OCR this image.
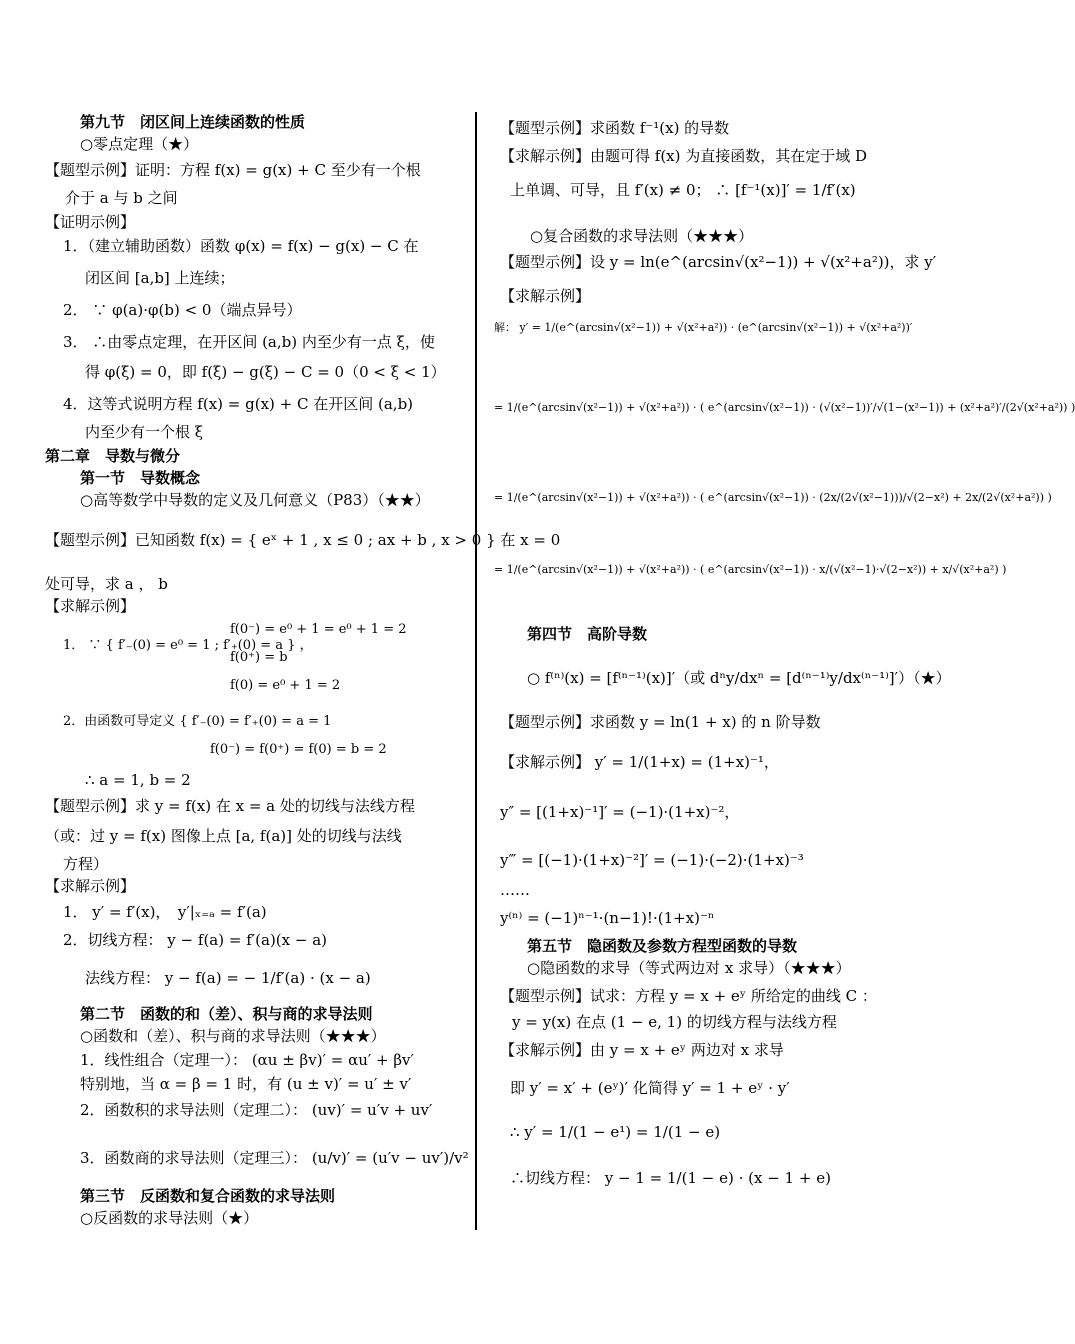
第九节　闭区间上连续函数的性质
○零点定理（★）
【题型示例】证明：方程 f(x) = g(x) + C 至少有一个根
介于 a 与 b 之间
【证明示例】
1．（建立辅助函数）函数 φ(x) = f(x) − g(x) − C 在
闭区间 [a,b] 上连续；
2． ∵ φ(a)·φ(b) < 0（端点异号）
3． ∴由零点定理，在开区间 (a,b) 内至少有一点 ξ，使
得 φ(ξ) = 0，即 f(ξ) − g(ξ) − C = 0（0 < ξ < 1）
4．这等式说明方程 f(x) = g(x) + C 在开区间 (a,b)
内至少有一个根 ξ
第二章　导数与微分
第一节　导数概念
○高等数学中导数的定义及几何意义（P83）（★★）
【题型示例】已知函数 f(x) = { eˣ + 1 , x ≤ 0 ; ax + b , x > 0 } 在 x = 0
处可导，求 a ， b
【求解示例】
1． ∵ { f′₋(0) = e⁰ = 1 ; f′₊(0) = a } ，
f(0⁻) = e⁰ + 1 = e⁰ + 1 = 2
f(0⁺) = b
f(0) = e⁰ + 1 = 2
2．由函数可导定义 { f′₋(0) = f′₊(0) = a = 1
f(0⁻) = f(0⁺) = f(0) = b = 2
∴ a = 1, b = 2
【题型示例】求 y = f(x) 在 x = a 处的切线与法线方程
（或：过 y = f(x) 图像上点 [a, f(a)] 处的切线与法线
方程）
【求解示例】
1． y′ = f′(x)，　y′|ₓ₌ₐ = f′(a)
2．切线方程： y − f(a) = f′(a)(x − a)
法线方程： y − f(a) = − 1/f′(a) · (x − a)
第二节　函数的和（差）、积与商的求导法则
○函数和（差）、积与商的求导法则（★★★）
1．线性组合（定理一）： (αu ± βv)′ = αu′ + βv′
特别地，当 α = β = 1 时，有 (u ± v)′ = u′ ± v′
2．函数积的求导法则（定理二）： (uv)′ = u′v + uv′
3．函数商的求导法则（定理三）： (u/v)′ = (u′v − uv′)/v²
第三节　反函数和复合函数的求导法则
○反函数的求导法则（★）
【题型示例】求函数 f⁻¹(x) 的导数
【求解示例】由题可得 f(x) 为直接函数，其在定于域 D
上单调、可导，且 f′(x) ≠ 0； ∴ [f⁻¹(x)]′ = 1/f′(x)
○复合函数的求导法则（★★★）
【题型示例】设 y = ln(e^(arcsin√(x²−1)) + √(x²+a²))，求 y′
【求解示例】
解： y′ = 1/(e^(arcsin√(x²−1)) + √(x²+a²)) · (e^(arcsin√(x²−1)) + √(x²+a²))′
= 1/(e^(arcsin√(x²−1)) + √(x²+a²)) · ( e^(arcsin√(x²−1)) · (√(x²−1))′/√(1−(x²−1)) + (x²+a²)′/(2√(x²+a²)) )
= 1/(e^(arcsin√(x²−1)) + √(x²+a²)) · ( e^(arcsin√(x²−1)) · (2x/(2√(x²−1)))/√(2−x²) + 2x/(2√(x²+a²)) )
= 1/(e^(arcsin√(x²−1)) + √(x²+a²)) · ( e^(arcsin√(x²−1)) · x/(√(x²−1)·√(2−x²)) + x/√(x²+a²) )
第四节　高阶导数
○ f⁽ⁿ⁾(x) = [f⁽ⁿ⁻¹⁾(x)]′（或 dⁿy/dxⁿ = [d⁽ⁿ⁻¹⁾y/dx⁽ⁿ⁻¹⁾]′）（★）
【题型示例】求函数 y = ln(1 + x) 的 n 阶导数
【求解示例】 y′ = 1/(1+x) = (1+x)⁻¹，
y″ = [(1+x)⁻¹]′ = (−1)·(1+x)⁻²，
y‴ = [(−1)·(1+x)⁻²]′ = (−1)·(−2)·(1+x)⁻³
……
y⁽ⁿ⁾ = (−1)ⁿ⁻¹·(n−1)!·(1+x)⁻ⁿ
第五节　隐函数及参数方程型函数的导数
○隐函数的求导（等式两边对 x 求导）（★★★）
【题型示例】试求：方程 y = x + eʸ 所给定的曲线 C ：
y = y(x) 在点 (1 − e, 1) 的切线方程与法线方程
【求解示例】由 y = x + eʸ 两边对 x 求导
即 y′ = x′ + (eʸ)′ 化简得 y′ = 1 + eʸ · y′
∴ y′ = 1/(1 − e¹) = 1/(1 − e)
∴切线方程： y − 1 = 1/(1 − e) · (x − 1 + e)
